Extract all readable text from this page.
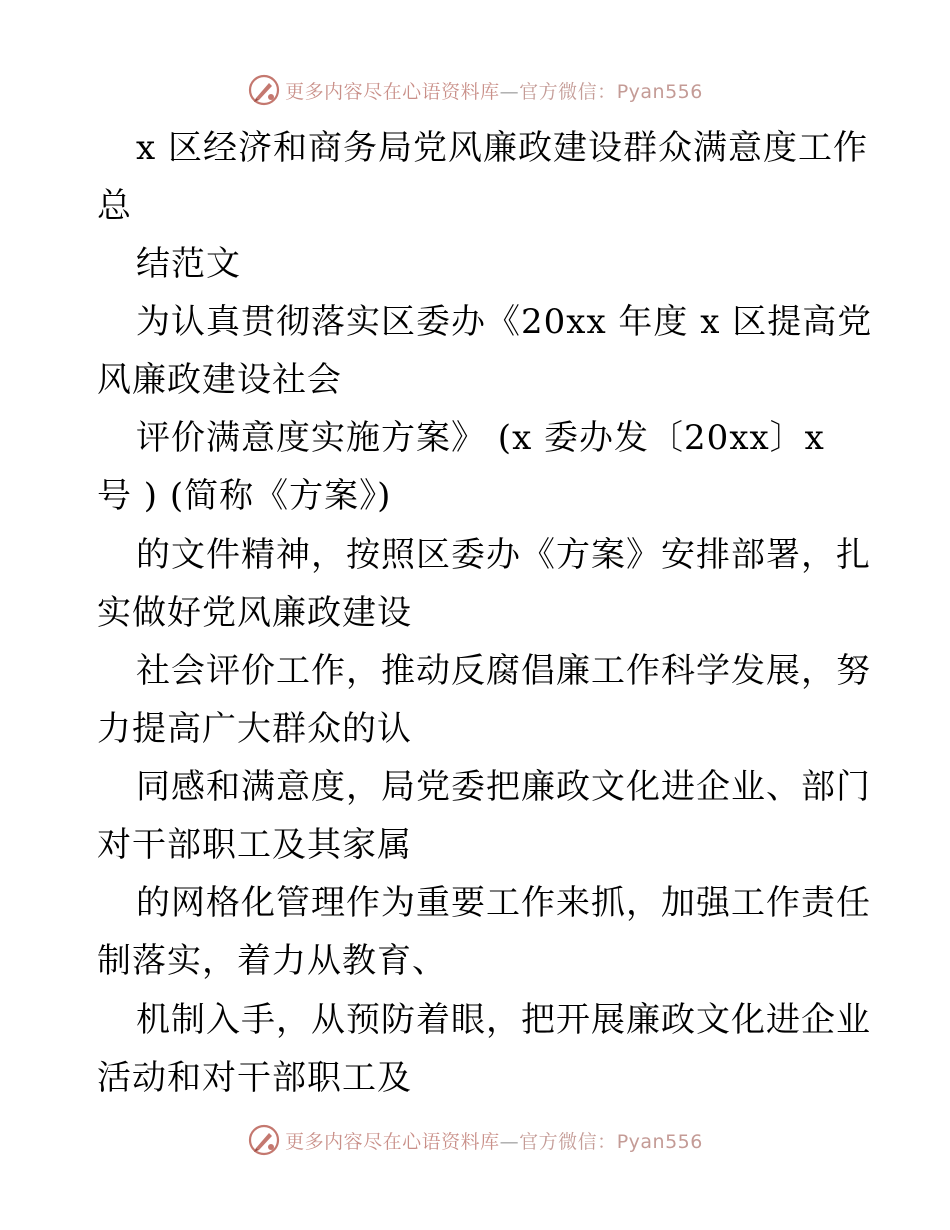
更多内容尽在心语资料库—官方微信：Pyan556
x 区经济和商务局党风廉政建设群众满意度工作
总
结范文
为认真贯彻落实区委办《20xx 年度 x 区提高党
风廉政建设社会
评价满意度实施方案》 (x 委办发〔20xx〕x
号 ) (简称《方案》)
的文件精神，按照区委办《方案》安排部署，扎
实做好党风廉政建设
社会评价工作，推动反腐倡廉工作科学发展，努
力提高广大群众的认
同感和满意度，局党委把廉政文化进企业、部门
对干部职工及其家属
的网格化管理作为重要工作来抓，加强工作责任
制落实，着力从教育、
机制入手，从预防着眼，把开展廉政文化进企业
活动和对干部职工及
更多内容尽在心语资料库—官方微信：Pyan556
